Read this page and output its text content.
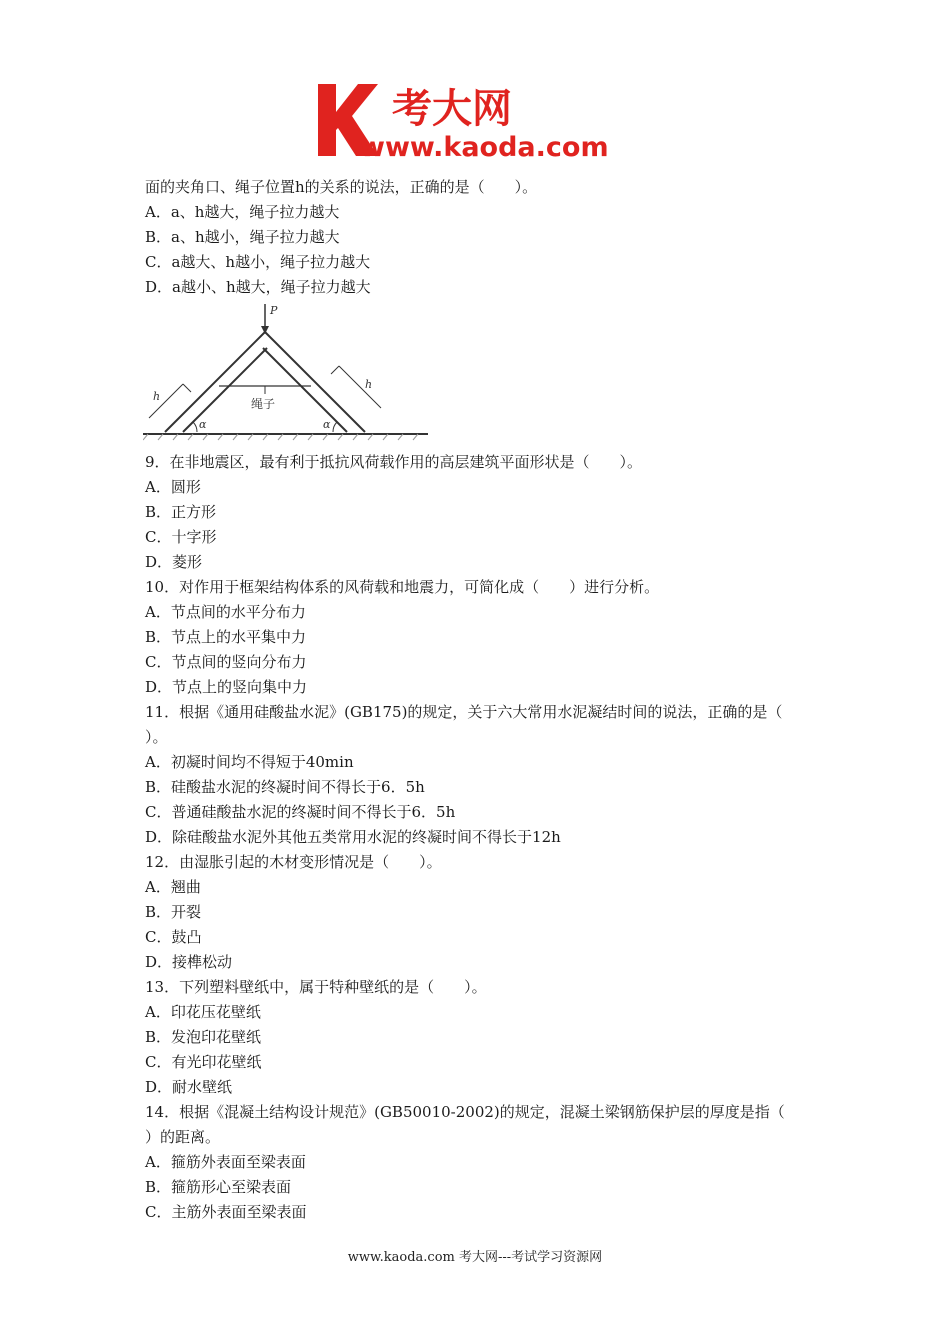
考大网
www.kaoda.com
面的夹角口、绳子位置h的关系的说法，正确的是（　　）。
A．a、h越大，绳子拉力越大
B．a、h越小，绳子拉力越大
C．a越大、h越小，绳子拉力越大
D．a越小、h越大，绳子拉力越大
P
绳子
α	α
h
h
9．在非地震区，最有利于抵抗风荷载作用的高层建筑平面形状是（　　）。
A．圆形
B．正方形
C．十字形
D．菱形
10．对作用于框架结构体系的风荷载和地震力，可简化成（　　）进行分析。
A．节点间的水平分布力
B．节点上的水平集中力
C．节点间的竖向分布力
D．节点上的竖向集中力
11．根据《通用硅酸盐水泥》(GB175)的规定，关于六大常用水泥凝结时间的说法，正确的是（
）。
A．初凝时间均不得短于40min
B．硅酸盐水泥的终凝时间不得长于6．5h
C．普通硅酸盐水泥的终凝时间不得长于6．5h
D．除硅酸盐水泥外其他五类常用水泥的终凝时间不得长于12h
12．由湿胀引起的木材变形情况是（　　）。
A．翘曲
B．开裂
C．鼓凸
D．接榫松动
13．下列塑料壁纸中，属于特种壁纸的是（　　）。
A．印花压花壁纸
B．发泡印花壁纸
C．有光印花壁纸
D．耐水壁纸
14．根据《混凝土结构设计规范》(GB50010-2002)的规定，混凝土梁钢筋保护层的厚度是指（
）的距离。
A．箍筋外表面至梁表面
B．箍筋形心至梁表面
C．主筋外表面至梁表面
www.kaoda.com 考大网---考试学习资源网
